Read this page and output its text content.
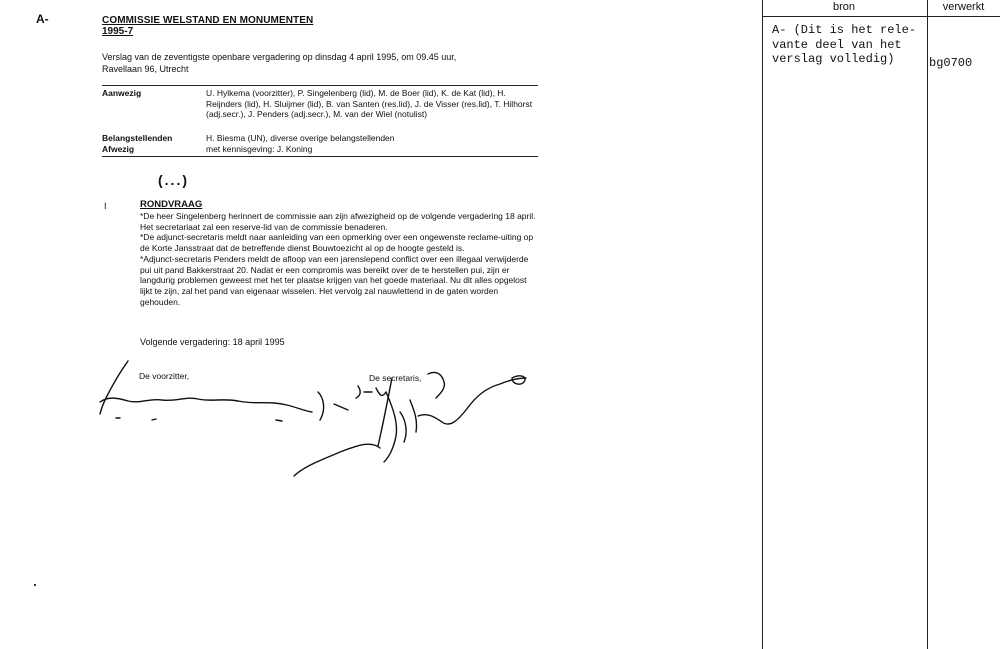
A-	COMMISSIE WELSTAND EN MONUMENTEN
1995-7
Verslag van de zeventigste openbare vergadering op dinsdag 4 april 1995, om 09.45 uur,
Ravellaan 96, Utrecht
Aanwezig	U. Hylkema (voorzitter), P. Singelenberg (lid), M. de Boer (lid), K. de Kat (lid), H. Reijnders (lid), H. Sluijmer (lid), B. van Santen (res.lid), J. de Visser (res.lid), T. Hilhorst (adj.secr.), J. Penders (adj.secr.), M. van der Wiel (notulist)
Belangstellenden	H. Biesma (UN), diverse overige belangstellenden
Afwezig	met kennisgeving: J. Koning
(...)
I	RONDVRAAG

*De heer Singelenberg herinnert de commissie aan zijn afwezigheid op de volgende vergadering 18 april. Het secretariaat zal een reserve-lid van de commissie benaderen.

*De adjunct-secretaris meldt naar aanleiding van een opmerking over een ongewenste reclame-uiting op de Korte Jansstraat dat de betreffende dienst Bouwtoezicht al op de hoogte gesteld is.

*Adjunct-secretaris Penders meldt de afloop van een jarenslepend conflict over een illegaal verwijderde pui uit pand Bakkerstraat 20. Nadat er een compromis was bereikt over de te herstellen pui, zijn er langdurig problemen geweest met het ter plaatse krijgen van het goede materiaal. Nu dit alles opgelost lijkt te zijn, zal het pand van eigenaar wisselen. Het vervolg zal nauwlettend in de gaten worden gehouden.

Volgende vergadering: 18 april 1995
De voorzitter,	De secretaris,
bron	verwerkt
A- (Dit is het rele-
vante deel van het
verslag volledig)	bg0700
